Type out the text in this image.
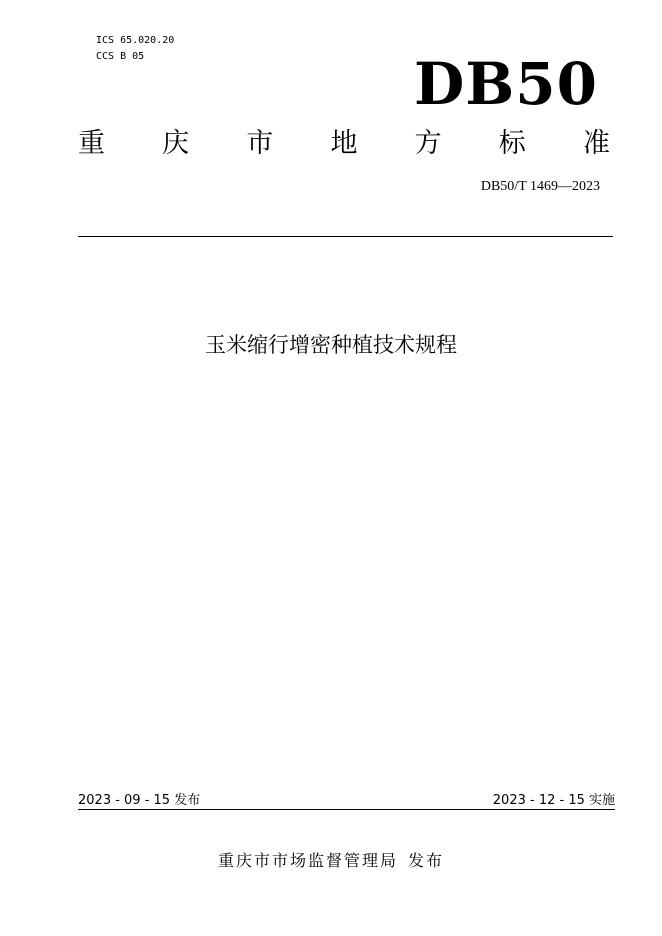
ICS 65.020.20
CCS B 05	DB50
重 庆 市 地 方 标 准
DB50/T 1469—2023
玉米缩行增密种植技术规程
2023 - 09 - 15 发布	2023 - 12 - 15 实施
重庆市市场监督管理局 发布
